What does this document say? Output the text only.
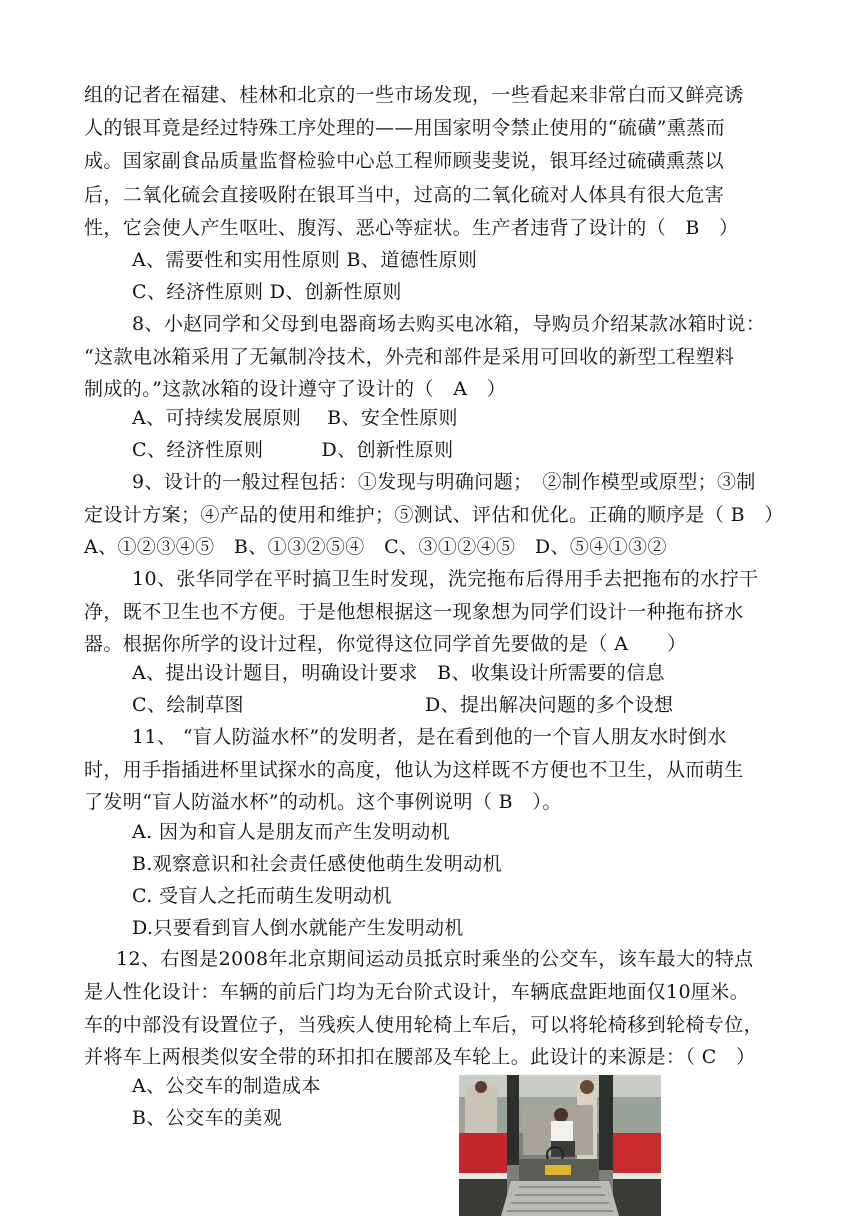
组的记者在福建、桂林和北京的一些市场发现，一些看起来非常白而又鲜亮诱
人的银耳竟是经过特殊工序处理的——用国家明令禁止使用的“硫磺”熏蒸而
成。国家副食品质量监督检验中心总工程师顾斐斐说，银耳经过硫磺熏蒸以
后，二氧化硫会直接吸附在银耳当中，过高的二氧化硫对人体具有很大危害
性，它会使人产生呕吐、腹泻、恶心等症状。生产者违背了设计的（　B　）
A、需要性和实用性原则 B、道德性原则
C、经济性原则 D、创新性原则
8、小赵同学和父母到电器商场去购买电冰箱，导购员介绍某款冰箱时说：
“这款电冰箱采用了无氟制冷技术，外壳和部件是采用可回收的新型工程塑料
制成的。”这款冰箱的设计遵守了设计的（　A　）
A、可持续发展原则　 B、安全性原则
C、经济性原则　　　D、创新性原则
9、设计的一般过程包括：①发现与明确问题；　②制作模型或原型；③制
定设计方案；④产品的使用和维护；⑤测试、评估和优化。正确的顺序是（ B　）
A、①②③④⑤　B、①③②⑤④　C、③①②④⑤　D、⑤④①③②
10、张华同学在平时搞卫生时发现，洗完拖布后得用手去把拖布的水拧干
净，既不卫生也不方便。于是他想根据这一现象想为同学们设计一种拖布挤水
器。根据你所学的设计过程，你觉得这位同学首先要做的是（ A　　）
A、提出设计题目，明确设计要求　B、收集设计所需要的信息
C、绘制草图　　　　　　　　　 D、提出解决问题的多个设想
11、 “盲人防溢水杯”的发明者，是在看到他的一个盲人朋友水时倒水
时，用手指插进杯里试探水的高度，他认为这样既不方便也不卫生，从而萌生
了发明“盲人防溢水杯”的动机。这个事例说明（ B　）。
A. 因为和盲人是朋友而产生发明动机
B.观察意识和社会责任感使他萌生发明动机
C. 受盲人之托而萌生发明动机
D.只要看到盲人倒水就能产生发明动机
12、右图是2008年北京期间运动员抵京时乘坐的公交车，该车最大的特点
是人性化设计：车辆的前后门均为无台阶式设计，车辆底盘距地面仅10厘米。
车的中部没有设置位子，当残疾人使用轮椅上车后，可以将轮椅移到轮椅专位，
并将车上两根类似安全带的环扣扣在腰部及车轮上。此设计的来源是：（ C　）
A、公交车的制造成本
B、公交车的美观
